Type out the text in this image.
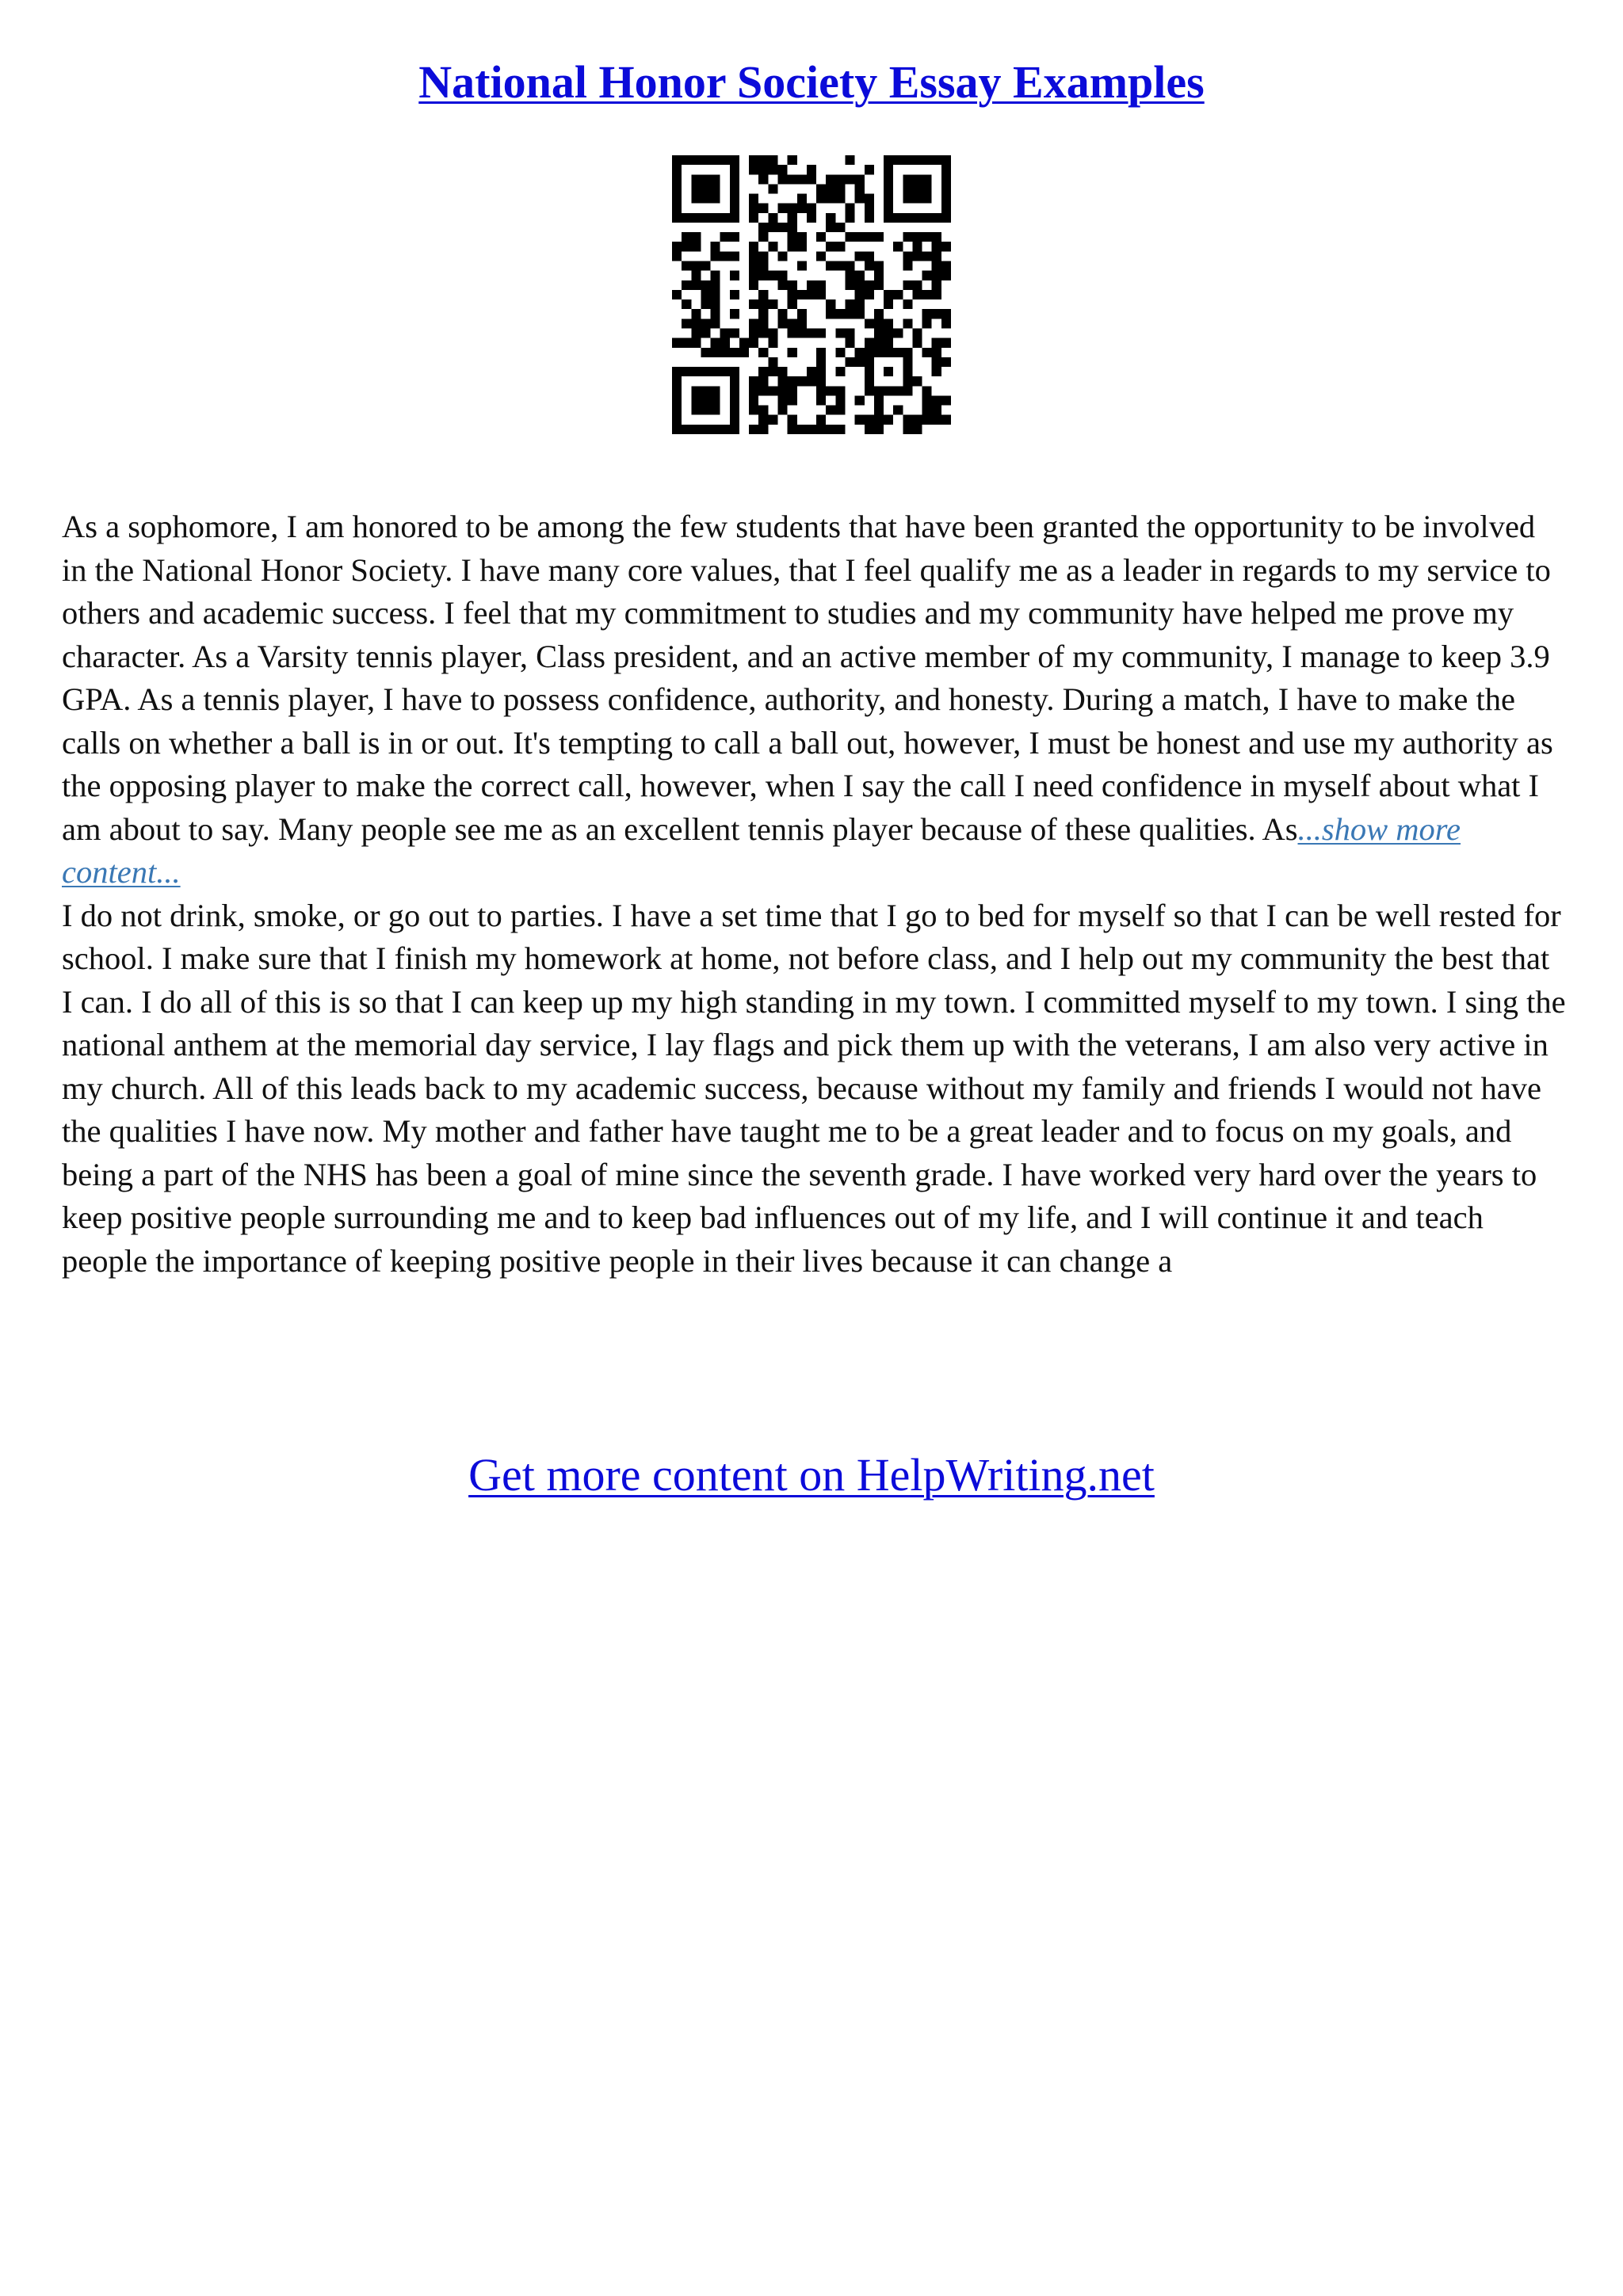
National Honor Society Essay Examples

As a sophomore, I am honored to be among the few students that have been granted the opportunity to be involved in the National Honor Society. I have many core values, that I feel qualify me as a leader in regards to my service to others and academic success. I feel that my commitment to studies and my community have helped me prove my character. As a Varsity tennis player, Class president, and an active member of my community, I manage to keep 3.9 GPA. As a tennis player, I have to possess confidence, authority, and honesty. During a match, I have to make the calls on whether a ball is in or out. It's tempting to call a ball out, however, I must be honest and use my authority as the opposing player to make the correct call, however, when I say the call I need confidence in myself about what I am about to say. Many people see me as an excellent tennis player because of these qualities. As...show more content...

I do not drink, smoke, or go out to parties. I have a set time that I go to bed for myself so that I can be well rested for school. I make sure that I finish my homework at home, not before class, and I help out my community the best that I can. I do all of this is so that I can keep up my high standing in my town. I committed myself to my town. I sing the national anthem at the memorial day service, I lay flags and pick them up with the veterans, I am also very active in my church. All of this leads back to my academic success, because without my family and friends I would not have the qualities I have now. My mother and father have taught me to be a great leader and to focus on my goals, and being a part of the NHS has been a goal of mine since the seventh grade. I have worked very hard over the years to keep positive people surrounding me and to keep bad influences out of my life, and I will continue it and teach people the importance of keeping positive people in their lives because it can change a

Get more content on HelpWriting.net
